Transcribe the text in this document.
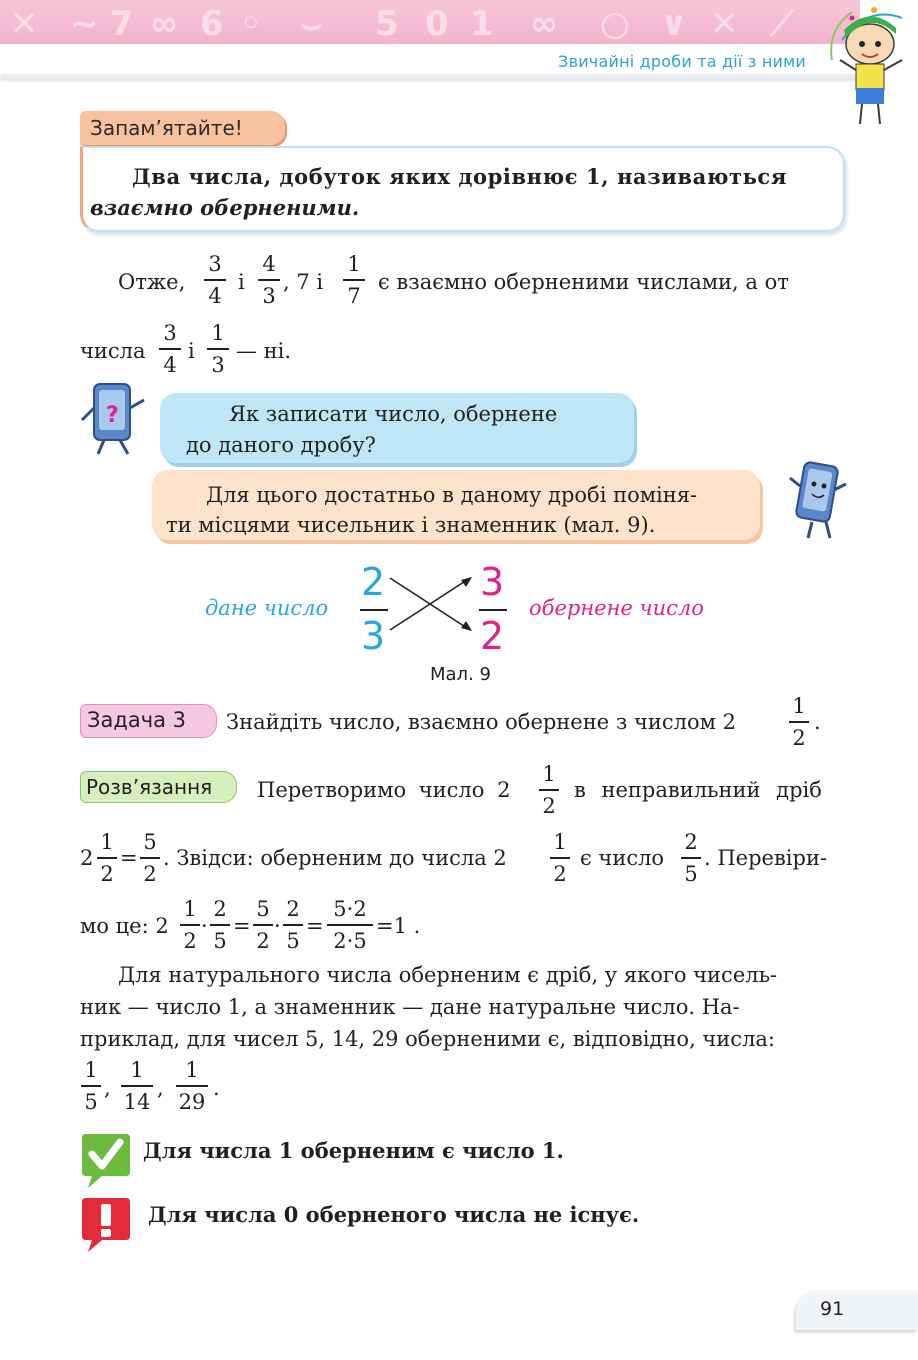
✕ ∼ 7 ∞ 6 ◦ ⌣ 5 0 1 ∞ ○ ∨ ✕ ⟋
Звичайні дроби та дії з ними
Запам’ятайте!
Два числа, добуток яких дорівнює 1, називаються
взаємно оберненими.
Отже,
3
4
і
4
3
, 7 і
1
7
є взаємно оберненими числами, а от
числа
3
4
і
1
3
— ні.
?	Як записати число, обернене
до даного дробу?
Для цього достатньо в даному дробі поміня-
ти місцями чисельник і знаменник (мал. 9).
дане число
2
3
3
2
обернене число
Мал. 9
Задача 3 Знайдіть число, взаємно обернене з числом 2
1
2
.
Розв’язання Перетворимо число 2
1
2
в неправильний дріб
2
1
2
=
5
2
. Звідси: оберненим до числа 2
1
2
є число
2
5
. Перевіри-
мо це: 2
1
2
·
2
5
=
5
2
·
2
5
=
5·2
2·5
=1 .
Для натурального числа оберненим є дріб, у якого чисель-
ник — число 1, а знаменник — дане натуральне число. На-
приклад, для чисел 5, 14, 29 оберненими є, відповідно, числа:
1
5
,
1
14
,
1
29
.
Для числа 1 оберненим є число 1.
Для числа 0 оберненого числа не існує.
91
